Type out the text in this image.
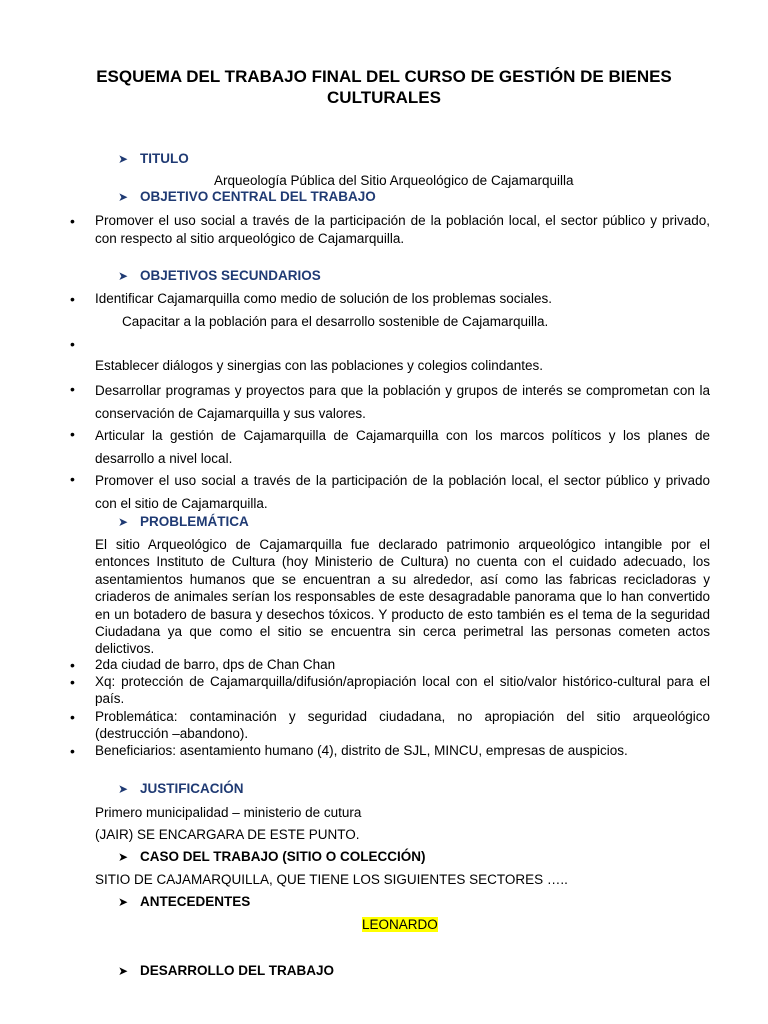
ESQUEMA DEL TRABAJO FINAL DEL CURSO DE GESTIÓN DE BIENES CULTURALES
➤ TITULO
Arqueología Pública del Sitio Arqueológico de Cajamarquilla
➤ OBJETIVO CENTRAL DEL TRABAJO
• Promover el uso social a través de la participación de la población local, el sector público y privado, con respecto al sitio arqueológico de Cajamarquilla.
➤ OBJETIVOS SECUNDARIOS
• Identificar Cajamarquilla como medio de solución de los problemas sociales.
Capacitar a la población para el desarrollo sostenible de Cajamarquilla.
•
Establecer diálogos y sinergias con las poblaciones y colegios colindantes.
• Desarrollar programas y proyectos para que la población y grupos de interés se comprometan con la conservación de Cajamarquilla y sus valores.
• Articular la gestión de Cajamarquilla de Cajamarquilla con los marcos políticos y los planes de desarrollo a nivel local.
• Promover el uso social a través de la participación de la población local, el sector público y privado con el sitio de Cajamarquilla.
➤ PROBLEMÁTICA
El sitio Arqueológico de Cajamarquilla fue declarado patrimonio arqueológico intangible por el entonces Instituto de Cultura (hoy Ministerio de Cultura) no cuenta con el cuidado adecuado, los asentamientos humanos que se encuentran a su alrededor, así como las fabricas recicladoras y criaderos de animales serían los responsables de este desagradable panorama que lo han convertido en un botadero de basura y desechos tóxicos. Y producto de esto también es el tema de la seguridad Ciudadana ya que como el sitio se encuentra sin cerca perimetral las personas cometen actos delictivos.
• 2da ciudad de barro, dps de Chan Chan
• Xq: protección de Cajamarquilla/difusión/apropiación local con el sitio/valor histórico-cultural para el país.
• Problemática: contaminación y seguridad ciudadana, no apropiación del sitio arqueológico (destrucción –abandono).
• Beneficiarios: asentamiento humano (4), distrito de SJL, MINCU, empresas de auspicios.
➤ JUSTIFICACIÓN
Primero municipalidad – ministerio de cutura
(JAIR) SE ENCARGARA DE ESTE PUNTO.
➤ CASO DEL TRABAJO (SITIO O COLECCIÓN)
SITIO DE CAJAMARQUILLA, QUE TIENE LOS SIGUIENTES SECTORES …..
➤ ANTECEDENTES
LEONARDO
➤ DESARROLLO DEL TRABAJO
